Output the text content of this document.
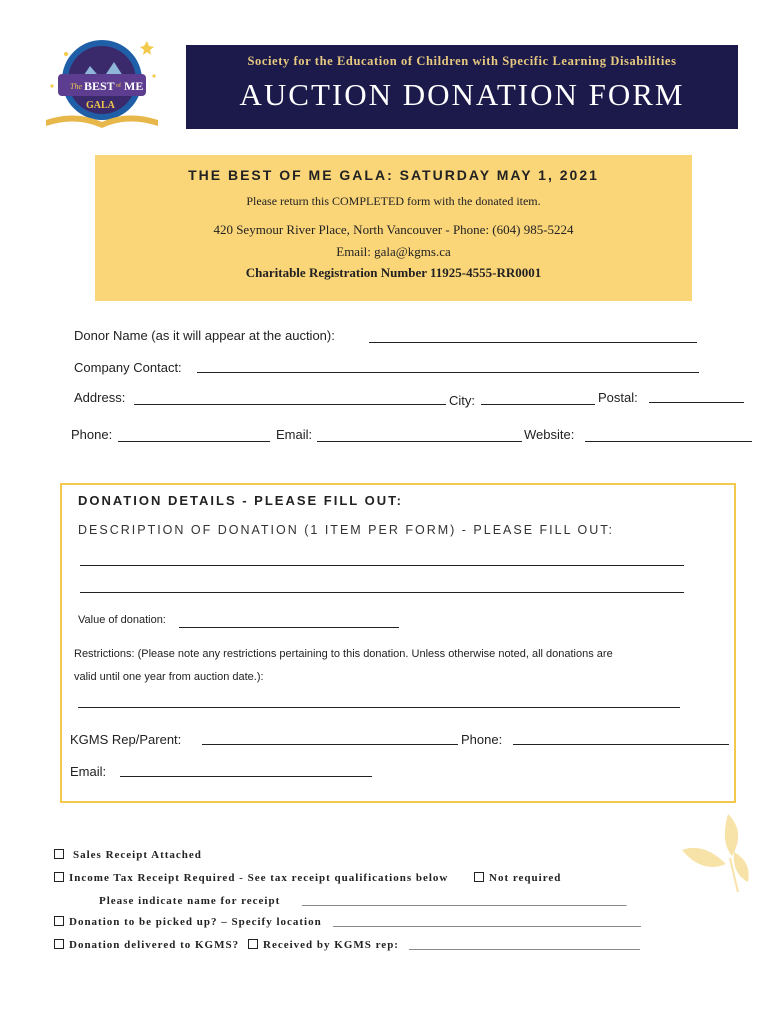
The BEST of ME
GALA
Society for the Education of Children with Specific Learning Disabilities
AUCTION DONATION FORM
THE BEST OF ME GALA: SATURDAY MAY 1, 2021
Please return this COMPLETED form with the donated item.
420 Seymour River Place, North Vancouver - Phone: (604) 985-5224
Email: gala@kgms.ca
Charitable Registration Number 11925-4555-RR0001
Donor Name (as it will appear at the auction):
Company Contact:
Address:	City:	Postal:
Phone:	Email:	Website:
DONATION DETAILS - PLEASE FILL OUT:
DESCRIPTION OF DONATION (1 ITEM PER FORM) - PLEASE FILL OUT:
Value of donation:
Restrictions: (Please note any restrictions pertaining to this donation. Unless otherwise noted, all donations are
valid until one year from auction date.):
KGMS Rep/Parent:	Phone:
Email:
Sales Receipt Attached
Income Tax Receipt Required - See tax receipt qualifications below	Not required
Please indicate name for receipt ___________________________________________________________
Donation to be picked up? – Specify location ________________________________________________________
Donation delivered to KGMS?	Received by KGMS rep: __________________________________________
